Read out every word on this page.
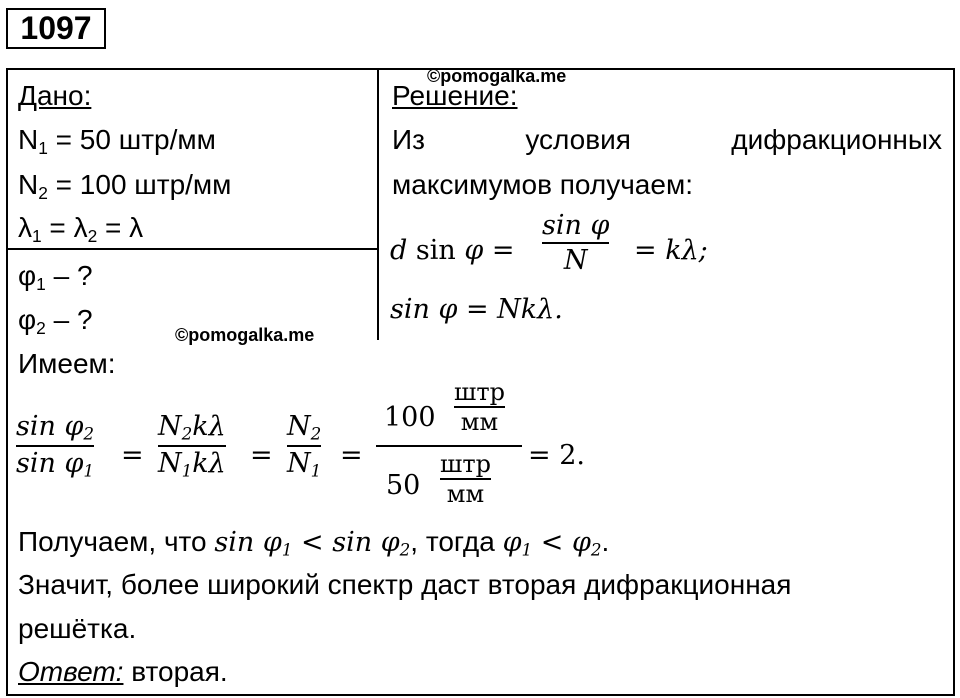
1097
©pomogalka.me
©pomogalka.me
Дано:
$N_1 = 50$ штр/мм
$N_2 = 100$ штр/мм
$\lambda_1 = \lambda_2 = \lambda$
$\varphi_1$ – ?
$\varphi_2$ – ?
Решение:
Из условия дифракционных
максимумов получаем:
d sin φ =
sin φ
N = kλ;
sin φ = Nkλ.
Имеем:
$\sin \varphi_2$
$\sin \varphi_1$
=
$N_2k\lambda$
$N_1k\lambda$ =
$N_2$
$N_1$
=
100
штр
мм
50
штр
мм
= 2.
Получаем, что $\sin \varphi_1 < \sin \varphi_2$, тогда $\varphi_1 < \varphi_2$.
Значит, более широкий спектр даст вторая дифракционная
решётка.
Ответ: вторая.
